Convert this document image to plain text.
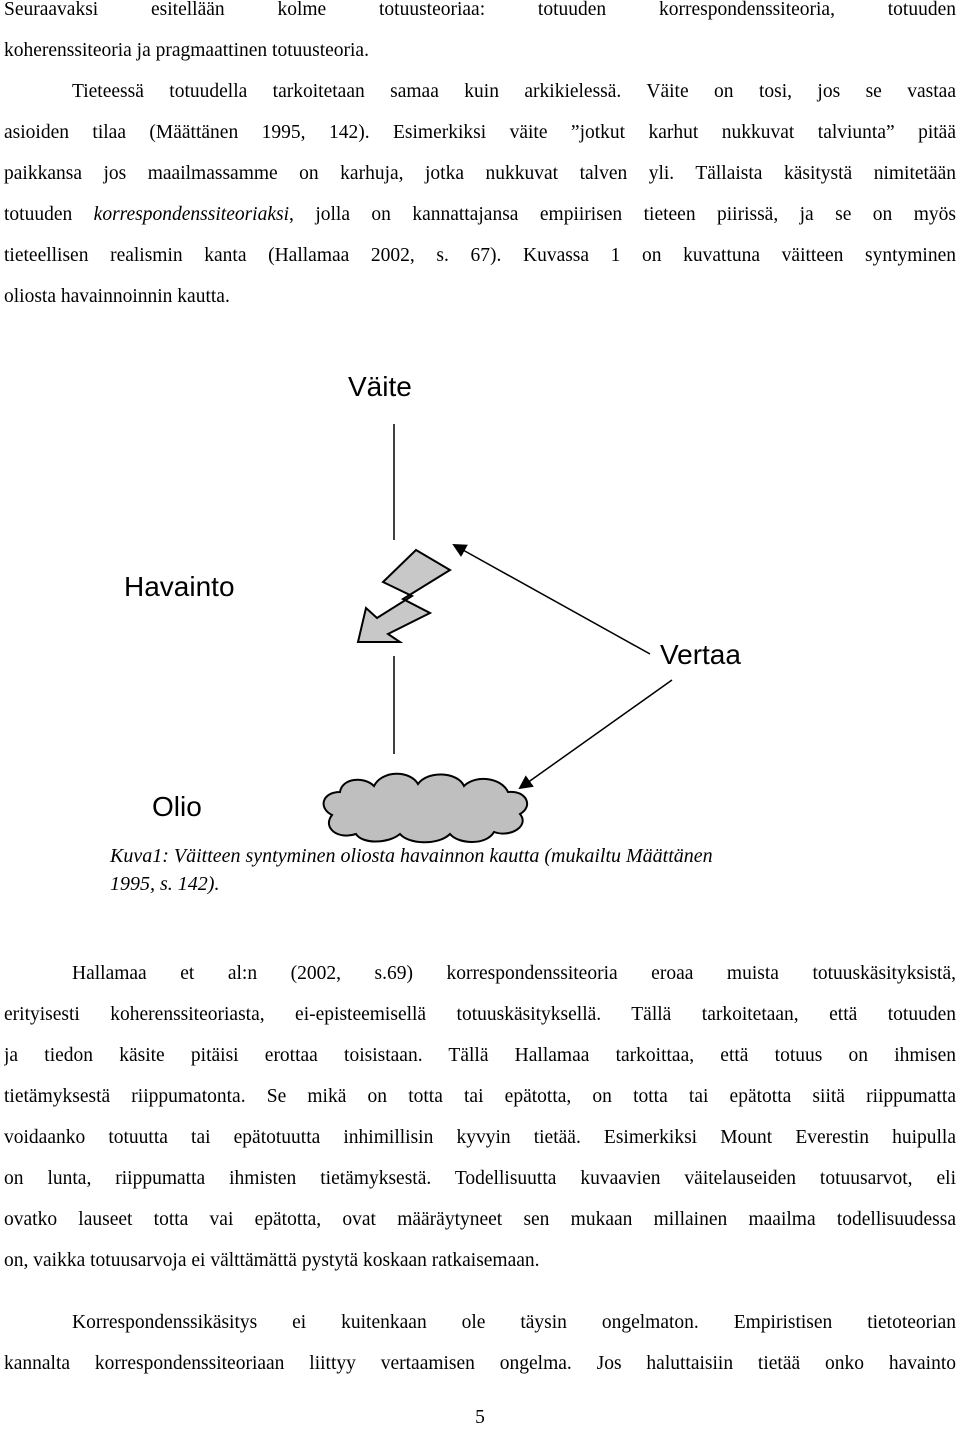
Seuraavaksi esitellään kolme totuusteoriaa: totuuden korrespondenssiteoria, totuuden
koherenssiteoria ja pragmaattinen totuusteoria.
Tieteessä totuudella tarkoitetaan samaa kuin arkikielessä. Väite on tosi, jos se vastaa
asioiden tilaa (Määttänen 1995, 142). Esimerkiksi väite ”jotkut karhut nukkuvat talviunta” pitää
paikkansa jos maailmassamme on karhuja, jotka nukkuvat talven yli. Tällaista käsitystä nimitetään
totuuden korrespondenssiteoriaksi, jolla on kannattajansa empiirisen tieteen piirissä, ja se on myös
tieteellisen realismin kanta (Hallamaa 2002, s. 67). Kuvassa 1 on kuvattuna väitteen syntyminen
oliosta havainnoinnin kautta.
Väite
Havainto
Vertaa
Olio
Kuva1: Väitteen syntyminen oliosta havainnon kautta (mukailtu Määttänen
1995, s. 142).
Hallamaa et al:n (2002, s.69) korrespondenssiteoria eroaa muista totuuskäsityksistä,
erityisesti koherenssiteoriasta, ei-episteemisellä totuuskäsityksellä. Tällä tarkoitetaan, että totuuden
ja tiedon käsite pitäisi erottaa toisistaan. Tällä Hallamaa tarkoittaa, että totuus on ihmisen
tietämyksestä riippumatonta. Se mikä on totta tai epätotta, on totta tai epätotta siitä riippumatta
voidaanko totuutta tai epätotuutta inhimillisin kyvyin tietää. Esimerkiksi Mount Everestin huipulla
on lunta, riippumatta ihmisten tietämyksestä. Todellisuutta kuvaavien väitelauseiden totuusarvot, eli
ovatko lauseet totta vai epätotta, ovat määräytyneet sen mukaan millainen maailma todellisuudessa
on, vaikka totuusarvoja ei välttämättä pystytä koskaan ratkaisemaan.
Korrespondenssikäsitys ei kuitenkaan ole täysin ongelmaton. Empiristisen tietoteorian
kannalta korrespondenssiteoriaan liittyy vertaamisen ongelma. Jos haluttaisiin tietää onko havainto
5
